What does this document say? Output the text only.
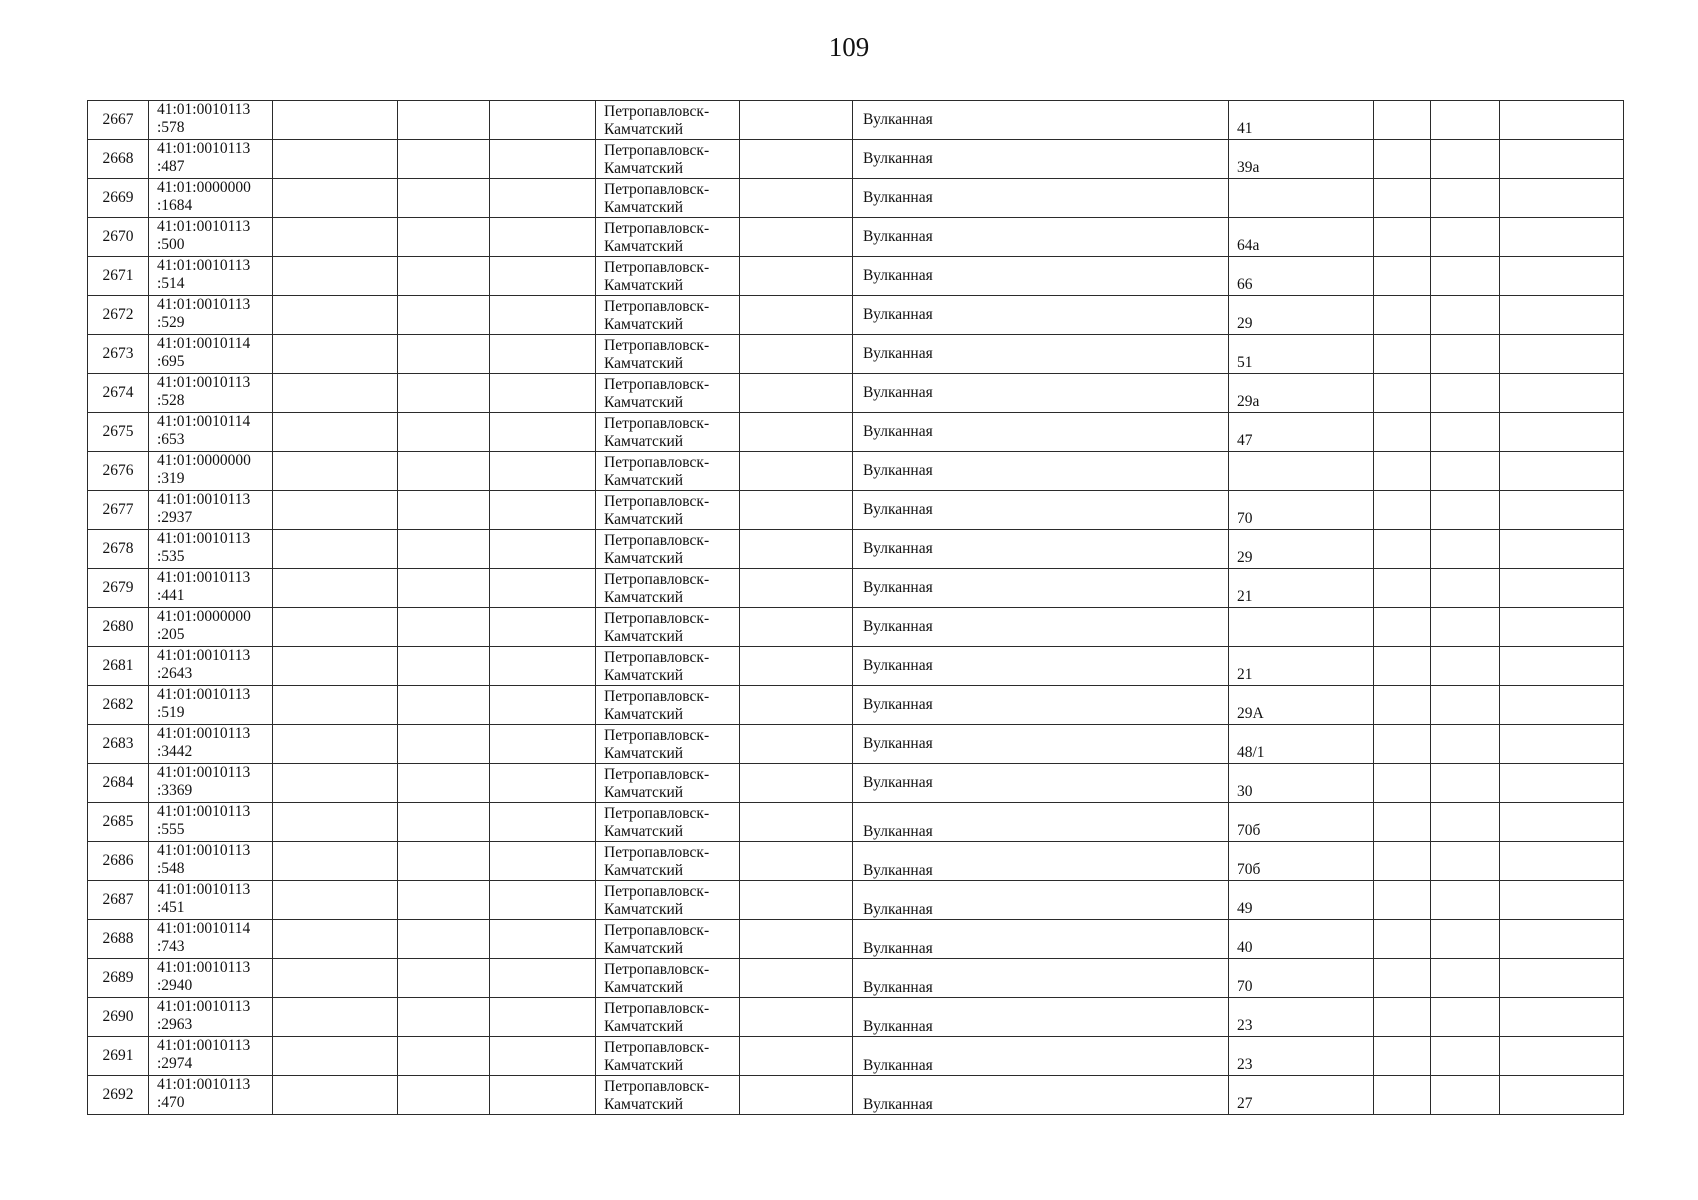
109
2667	41:01:0010113
:578				Петропавловск-
Камчатский		Вулканная	41			
2668	41:01:0010113
:487				Петропавловск-
Камчатский		Вулканная	39а			
2669	41:01:0000000
:1684				Петропавловск-
Камчатский		Вулканная				
2670	41:01:0010113
:500				Петропавловск-
Камчатский		Вулканная	64а			
2671	41:01:0010113
:514				Петропавловск-
Камчатский		Вулканная	66			
2672	41:01:0010113
:529				Петропавловск-
Камчатский		Вулканная	29			
2673	41:01:0010114
:695				Петропавловск-
Камчатский		Вулканная	51			
2674	41:01:0010113
:528				Петропавловск-
Камчатский		Вулканная	29а			
2675	41:01:0010114
:653				Петропавловск-
Камчатский		Вулканная	47			
2676	41:01:0000000
:319				Петропавловск-
Камчатский		Вулканная				
2677	41:01:0010113
:2937				Петропавловск-
Камчатский		Вулканная	70			
2678	41:01:0010113
:535				Петропавловск-
Камчатский		Вулканная	29			
2679	41:01:0010113
:441				Петропавловск-
Камчатский		Вулканная	21			
2680	41:01:0000000
:205				Петропавловск-
Камчатский		Вулканная				
2681	41:01:0010113
:2643				Петропавловск-
Камчатский		Вулканная	21			
2682	41:01:0010113
:519				Петропавловск-
Камчатский		Вулканная	29А			
2683	41:01:0010113
:3442				Петропавловск-
Камчатский		Вулканная	48/1			
2684	41:01:0010113
:3369				Петропавловск-
Камчатский		Вулканная	30			
2685	41:01:0010113
:555				Петропавловск-
Камчатский		Вулканная	70б			
2686	41:01:0010113
:548				Петропавловск-
Камчатский		Вулканная	70б			
2687	41:01:0010113
:451				Петропавловск-
Камчатский		Вулканная	49			
2688	41:01:0010114
:743				Петропавловск-
Камчатский		Вулканная	40			
2689	41:01:0010113
:2940				Петропавловск-
Камчатский		Вулканная	70			
2690	41:01:0010113
:2963				Петропавловск-
Камчатский		Вулканная	23			
2691	41:01:0010113
:2974				Петропавловск-
Камчатский		Вулканная	23			
2692	41:01:0010113
:470				Петропавловск-
Камчатский		Вулканная	27			
